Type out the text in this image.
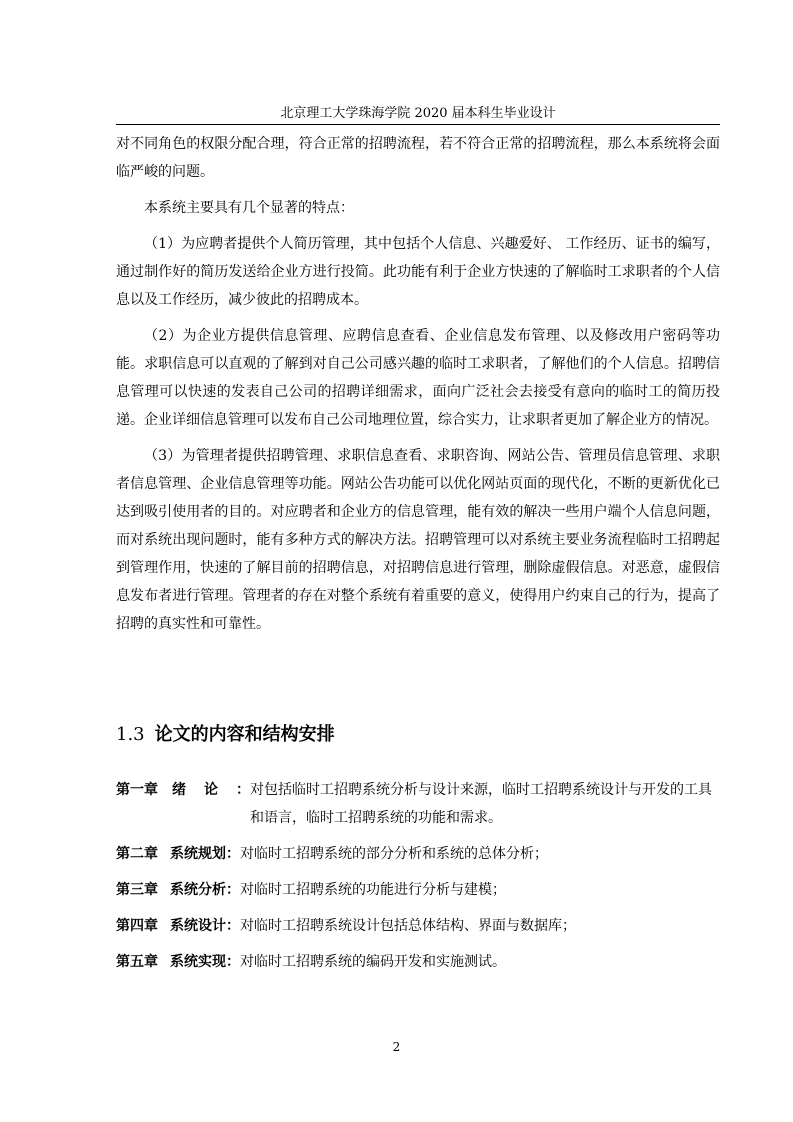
北京理工大学珠海学院 2020 届本科生毕业设计

对不同角色的权限分配合理，符合正常的招聘流程，若不符合正常的招聘流程，那么本系统将会面临严峻的问题。

本系统主要具有几个显著的特点：

（1）为应聘者提供个人简历管理，其中包括个人信息、兴趣爱好、 工作经历、证书的编写，通过制作好的简历发送给企业方进行投简。此功能有利于企业方快速的了解临时工求职者的个人信息以及工作经历，减少彼此的招聘成本。

（2）为企业方提供信息管理、应聘信息查看、企业信息发布管理、以及修改用户密码等功能。求职信息可以直观的了解到对自己公司感兴趣的临时工求职者，了解他们的个人信息。招聘信息管理可以快速的发表自己公司的招聘详细需求，面向广泛社会去接受有意向的临时工的简历投递。企业详细信息管理可以发布自己公司地理位置，综合实力，让求职者更加了解企业方的情况。

（3）为管理者提供招聘管理、求职信息查看、求职咨询、网站公告、管理员信息管理、求职者信息管理、企业信息管理等功能。网站公告功能可以优化网站页面的现代化，不断的更新优化已达到吸引使用者的目的。对应聘者和企业方的信息管理，能有效的解决一些用户端个人信息问题，而对系统出现问题时，能有多种方式的解决方法。招聘管理可以对系统主要业务流程临时工招聘起到管理作用，快速的了解目前的招聘信息，对招聘信息进行管理，删除虚假信息。对恶意，虚假信息发布者进行管理。管理者的存在对整个系统有着重要的意义，使得用户约束自己的行为，提高了招聘的真实性和可靠性。

1.3 论文的内容和结构安排
第一章 绪论： 对包括临时工招聘系统分析与设计来源，临时工招聘系统设计与开发的工具和语言，临时工招聘系统的功能和需求。
第二章 系统规划： 对临时工招聘系统的部分分析和系统的总体分析；
第三章 系统分析： 对临时工招聘系统的功能进行分析与建模；
第四章 系统设计： 对临时工招聘系统设计包括总体结构、界面与数据库；
第五章 系统实现： 对临时工招聘系统的编码开发和实施测试。
2
